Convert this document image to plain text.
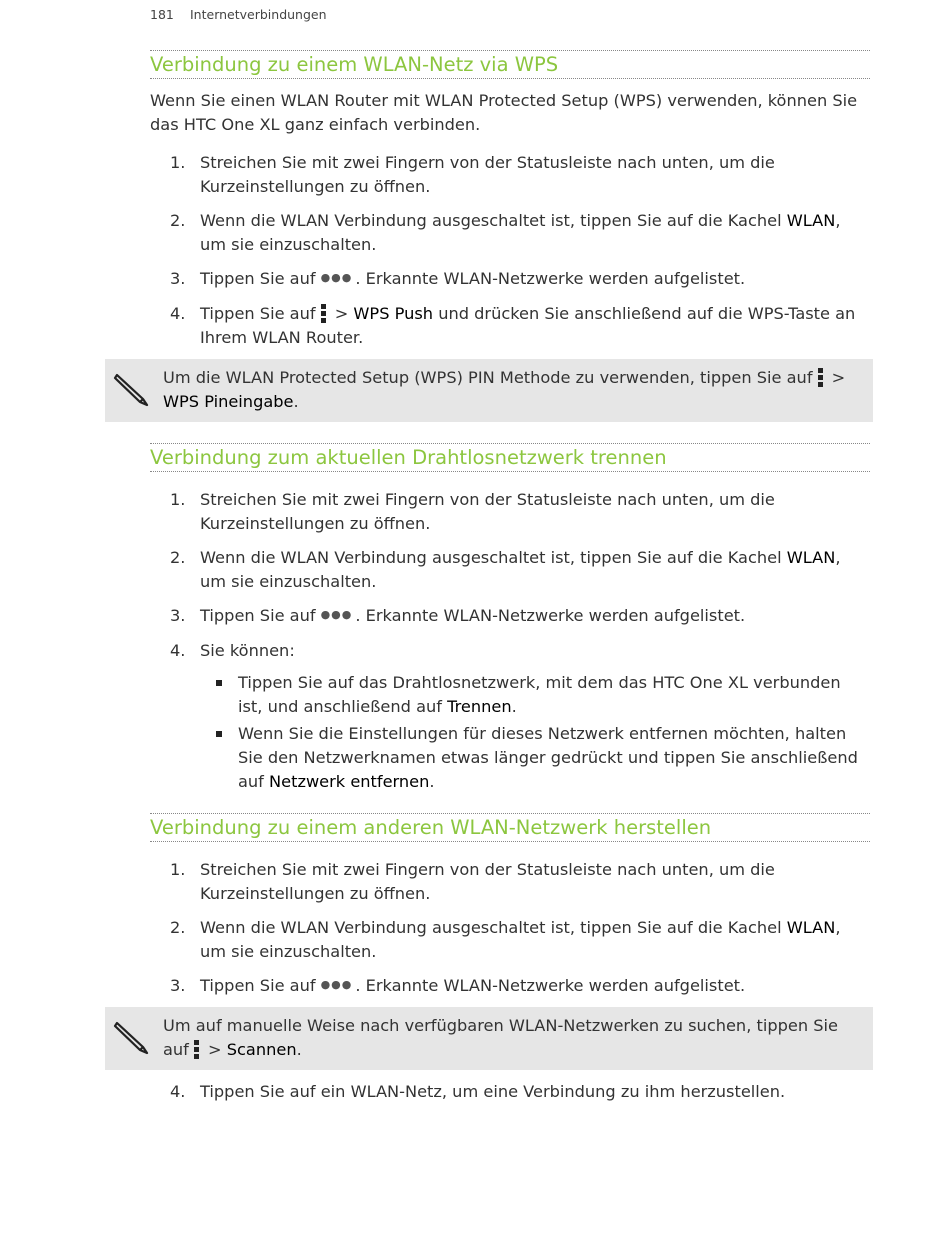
181 Internetverbindungen
Verbindung zu einem WLAN-Netz via WPS

Wenn Sie einen WLAN Router mit WLAN Protected Setup (WPS) verwenden, können Sie das HTC One XL ganz einfach verbinden.

1. Streichen Sie mit zwei Fingern von der Statusleiste nach unten, um die Kurzeinstellungen zu öffnen.
2. Wenn die WLAN Verbindung ausgeschaltet ist, tippen Sie auf die Kachel WLAN, um sie einzuschalten.
3. Tippen Sie auf ●●● . Erkannte WLAN-Netzwerke werden aufgelistet.
4. Tippen Sie auf
> WPS Push und drücken Sie anschließend auf die WPS-Taste an Ihrem WLAN Router.
Um die WLAN Protected Setup (WPS) PIN Methode zu verwenden, tippen Sie auf
> WPS Pineingabe.
Verbindung zum aktuellen Drahtlosnetzwerk trennen
1. Streichen Sie mit zwei Fingern von der Statusleiste nach unten, um die Kurzeinstellungen zu öffnen.
2. Wenn die WLAN Verbindung ausgeschaltet ist, tippen Sie auf die Kachel WLAN, um sie einzuschalten.
3. Tippen Sie auf ●●● . Erkannte WLAN-Netzwerke werden aufgelistet.
4. Sie können:
Tippen Sie auf das Drahtlosnetzwerk, mit dem das HTC One XL verbunden ist, und anschließend auf Trennen.
Wenn Sie die Einstellungen für dieses Netzwerk entfernen möchten, halten Sie den Netzwerknamen etwas länger gedrückt und tippen Sie anschließend auf Netzwerk entfernen.
Verbindung zu einem anderen WLAN-Netzwerk herstellen
1. Streichen Sie mit zwei Fingern von der Statusleiste nach unten, um die Kurzeinstellungen zu öffnen.
2. Wenn die WLAN Verbindung ausgeschaltet ist, tippen Sie auf die Kachel WLAN, um sie einzuschalten.
3. Tippen Sie auf ●●● . Erkannte WLAN-Netzwerke werden aufgelistet.
Um auf manuelle Weise nach verfügbaren WLAN-Netzwerken zu suchen, tippen Sie auf
> Scannen.
4. Tippen Sie auf ein WLAN-Netz, um eine Verbindung zu ihm herzustellen.
